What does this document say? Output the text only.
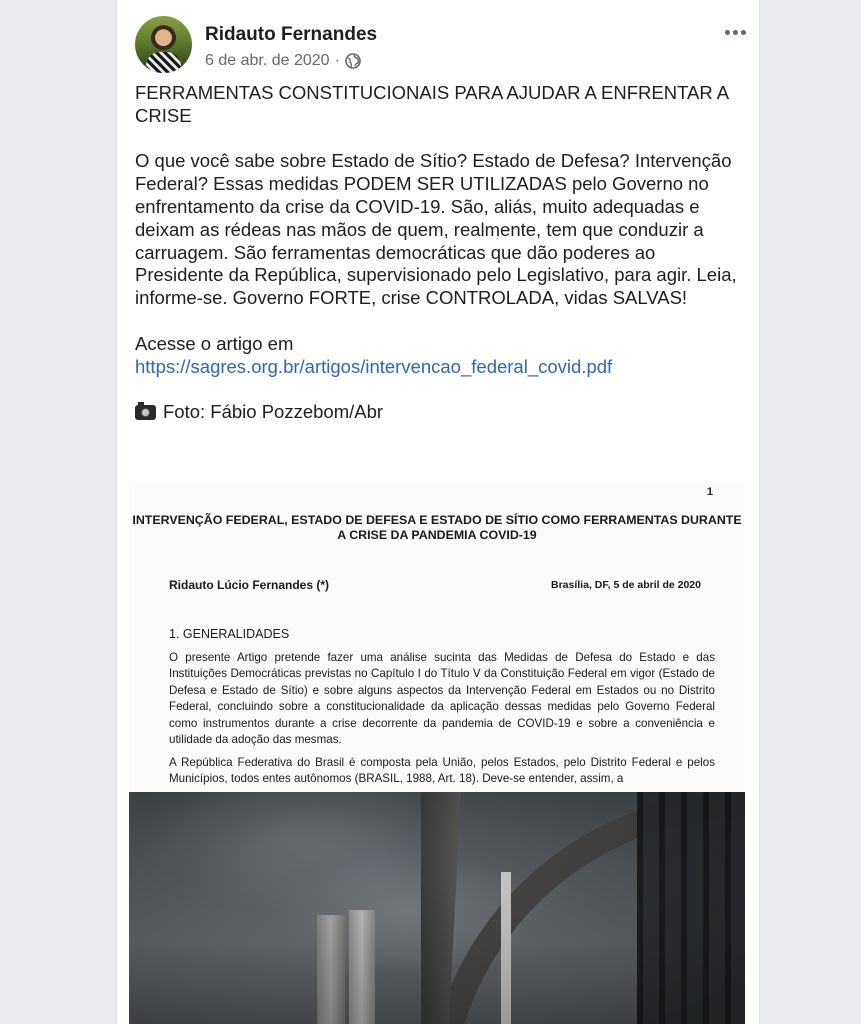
Ridauto Fernandes
6 de abr. de 2020 ·

FERRAMENTAS CONSTITUCIONAIS PARA AJUDAR A ENFRENTAR A CRISE

O que você sabe sobre Estado de Sítio? Estado de Defesa? Intervenção Federal? Essas medidas PODEM SER UTILIZADAS pelo Governo no enfrentamento da crise da COVID-19. São, aliás, muito adequadas e deixam as rédeas nas mãos de quem, realmente, tem que conduzir a carruagem. São ferramentas democráticas que dão poderes ao Presidente da República, supervisionado pelo Legislativo, para agir. Leia, informe-se. Governo FORTE, crise CONTROLADA, vidas SALVAS!

Acesse o artigo em https://sagres.org.br/artigos/intervencao_federal_covid.pdf

Foto: Fábio Pozzebom/Abr

1
INTERVENÇÃO FEDERAL, ESTADO DE DEFESA E ESTADO DE SÍTIO COMO FERRAMENTAS DURANTE A CRISE DA PANDEMIA COVID-19
Ridauto Lúcio Fernandes (*)	Brasília, DF, 5 de abril de 2020
1. GENERALIDADES
O presente Artigo pretende fazer uma análise sucinta das Medidas de Defesa do Estado e das Instituições Democráticas previstas no Capítulo I do Título V da Constituição Federal em vigor (Estado de Defesa e Estado de Sítio) e sobre alguns aspectos da Intervenção Federal em Estados ou no Distrito Federal, concluindo sobre a constitucionalidade da aplicação dessas medidas pelo Governo Federal como instrumentos durante a crise decorrente da pandemia de COVID-19 e sobre a conveniência e utilidade da adoção das mesmas.
A República Federativa do Brasil é composta pela União, pelos Estados, pelo Distrito Federal e pelos Municípios, todos entes autônomos (BRASIL, 1988, Art. 18). Deve-se entender, assim, a
